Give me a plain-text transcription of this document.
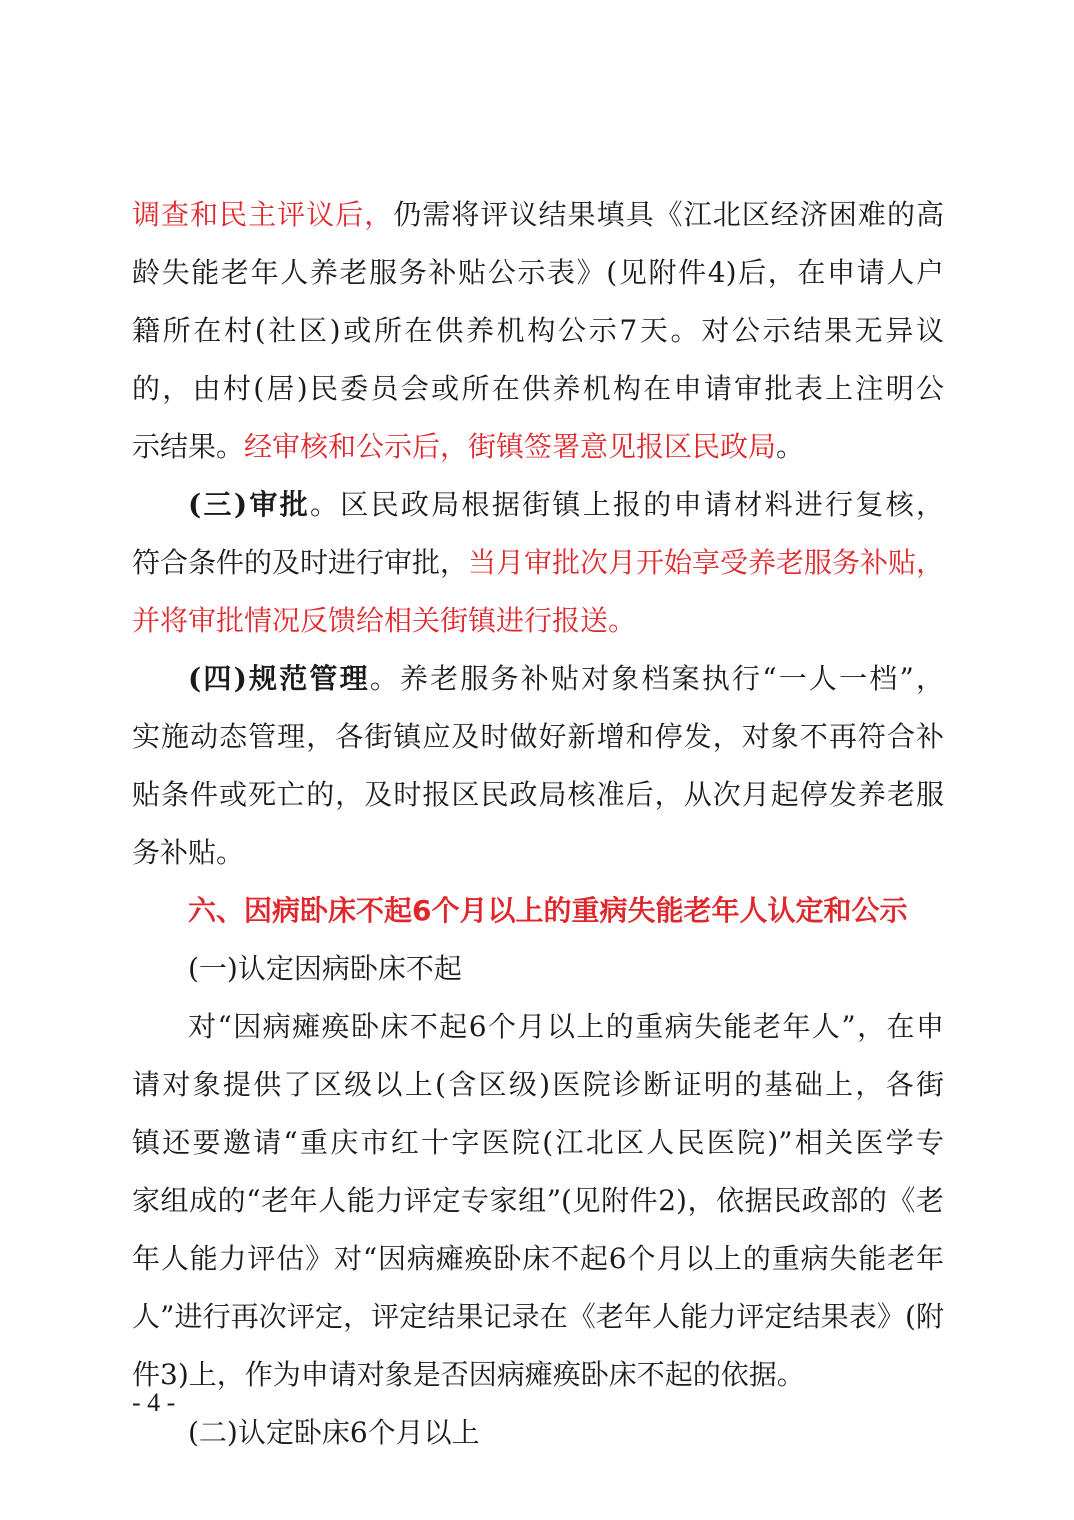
调查和民主评议后，仍需将评议结果填具《江北区经济困难的高
龄失能老年人养老服务补贴公示表》(见附件4)后，在申请人户
籍所在村(社区)或所在供养机构公示7天。对公示结果无异议
的，由村(居)民委员会或所在供养机构在申请审批表上注明公
示结果。经审核和公示后，街镇签署意见报区民政局。
(三)审批。区民政局根据街镇上报的申请材料进行复核，
符合条件的及时进行审批，当月审批次月开始享受养老服务补贴，
并将审批情况反馈给相关街镇进行报送。
(四)规范管理。养老服务补贴对象档案执行“一人一档”，
实施动态管理，各街镇应及时做好新增和停发，对象不再符合补
贴条件或死亡的，及时报区民政局核准后，从次月起停发养老服
务补贴。
六、因病卧床不起6个月以上的重病失能老年人认定和公示
(一)认定因病卧床不起
对“因病瘫痪卧床不起6个月以上的重病失能老年人”，在申
请对象提供了区级以上(含区级)医院诊断证明的基础上，各街
镇还要邀请“重庆市红十字医院(江北区人民医院)”相关医学专
家组成的“老年人能力评定专家组”(见附件2)，依据民政部的《老
年人能力评估》对“因病瘫痪卧床不起6个月以上的重病失能老年
人”进行再次评定，评定结果记录在《老年人能力评定结果表》(附
件3)上，作为申请对象是否因病瘫痪卧床不起的依据。
(二)认定卧床6个月以上
- 4 -
